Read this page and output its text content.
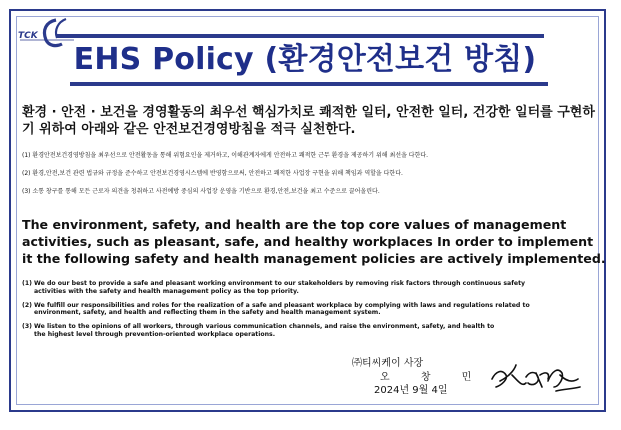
TCK
EHS Policy (환경안전보건 방침)
환경 · 안전 · 보건을 경영활동의 최우선 핵심가치로 쾌적한 일터, 안전한 일터, 건강한 일터를 구현하기 위하여 아래와 같은 안전보건경영방침을 적극 실천한다.
(1) 환경안전보건경영방침을 최우선으로 안전활동을 통해 위험요인을 제거하고, 이해관계자에게 안전하고 쾌적한 근무 환경을 제공하기 위해 최선을 다한다.
(2) 환경,안전,보건 관련 법규와 규정을 준수하고 안전보건경영시스템에 반영함으로써, 안전하고 쾌적한 사업장 구현을 위해 책임과 역할을 다한다.
(3) 소통 창구를 통해 모든 근로자 의견을 청취하고 사전예방 중심의 사업장 운영을 기반으로 환경,안전,보건을 최고 수준으로 끌어올린다.
The environment, safety, and health are the top core values of management activities, such as pleasant, safe, and healthy workplaces In order to implement it the following safety and health management policies are actively implemented.
(1) We do our best to provide a safe and pleasant working environment to our stakeholders by removing risk factors through continuous safety
activities with the safety and health management policy as the top priority.
(2) We fulfill our responsibilities and roles for the realization of a safe and pleasant workplace by complying with laws and regulations related to
environment, safety, and health and reflecting them in the safety and health management system.
(3) We listen to the opinions of all workers, through various communication channels, and raise the environment, safety, and health to
the highest level through prevention-oriented workplace operations.
㈜티씨케이 사장
오 창 민
2024년 9월 4일
